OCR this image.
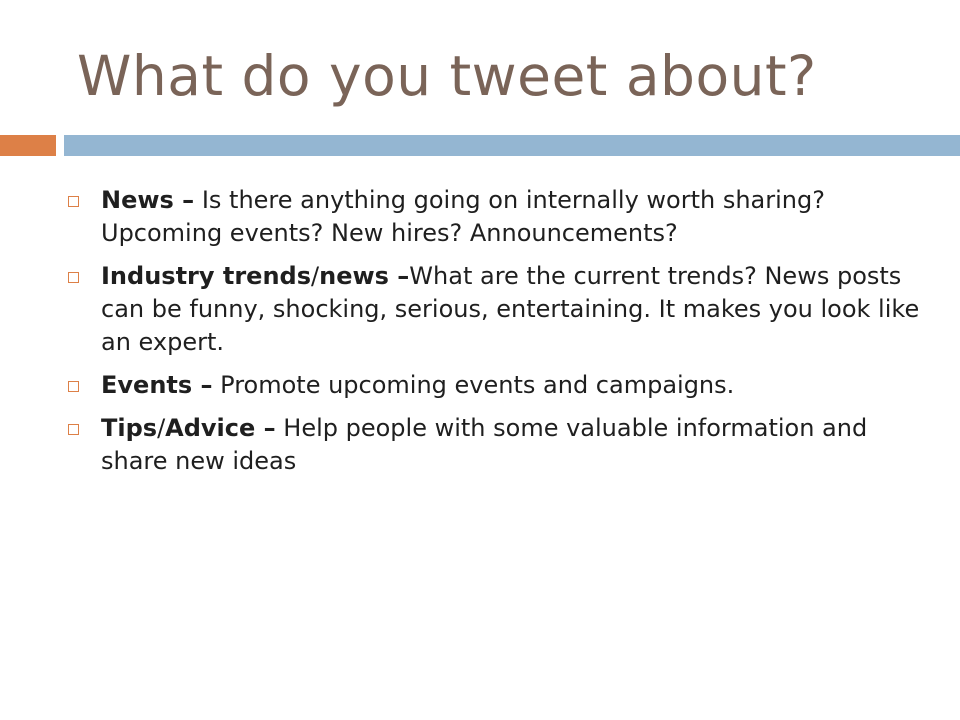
What do you tweet about?
News – Is there anything going on internally worth sharing? Upcoming events? New hires? Announcements?
Industry trends/news –What are the current trends? News posts can be funny, shocking, serious, entertaining. It makes you look like an expert.
Events – Promote upcoming events and campaigns.
Tips/Advice – Help people with some valuable information and share new ideas
